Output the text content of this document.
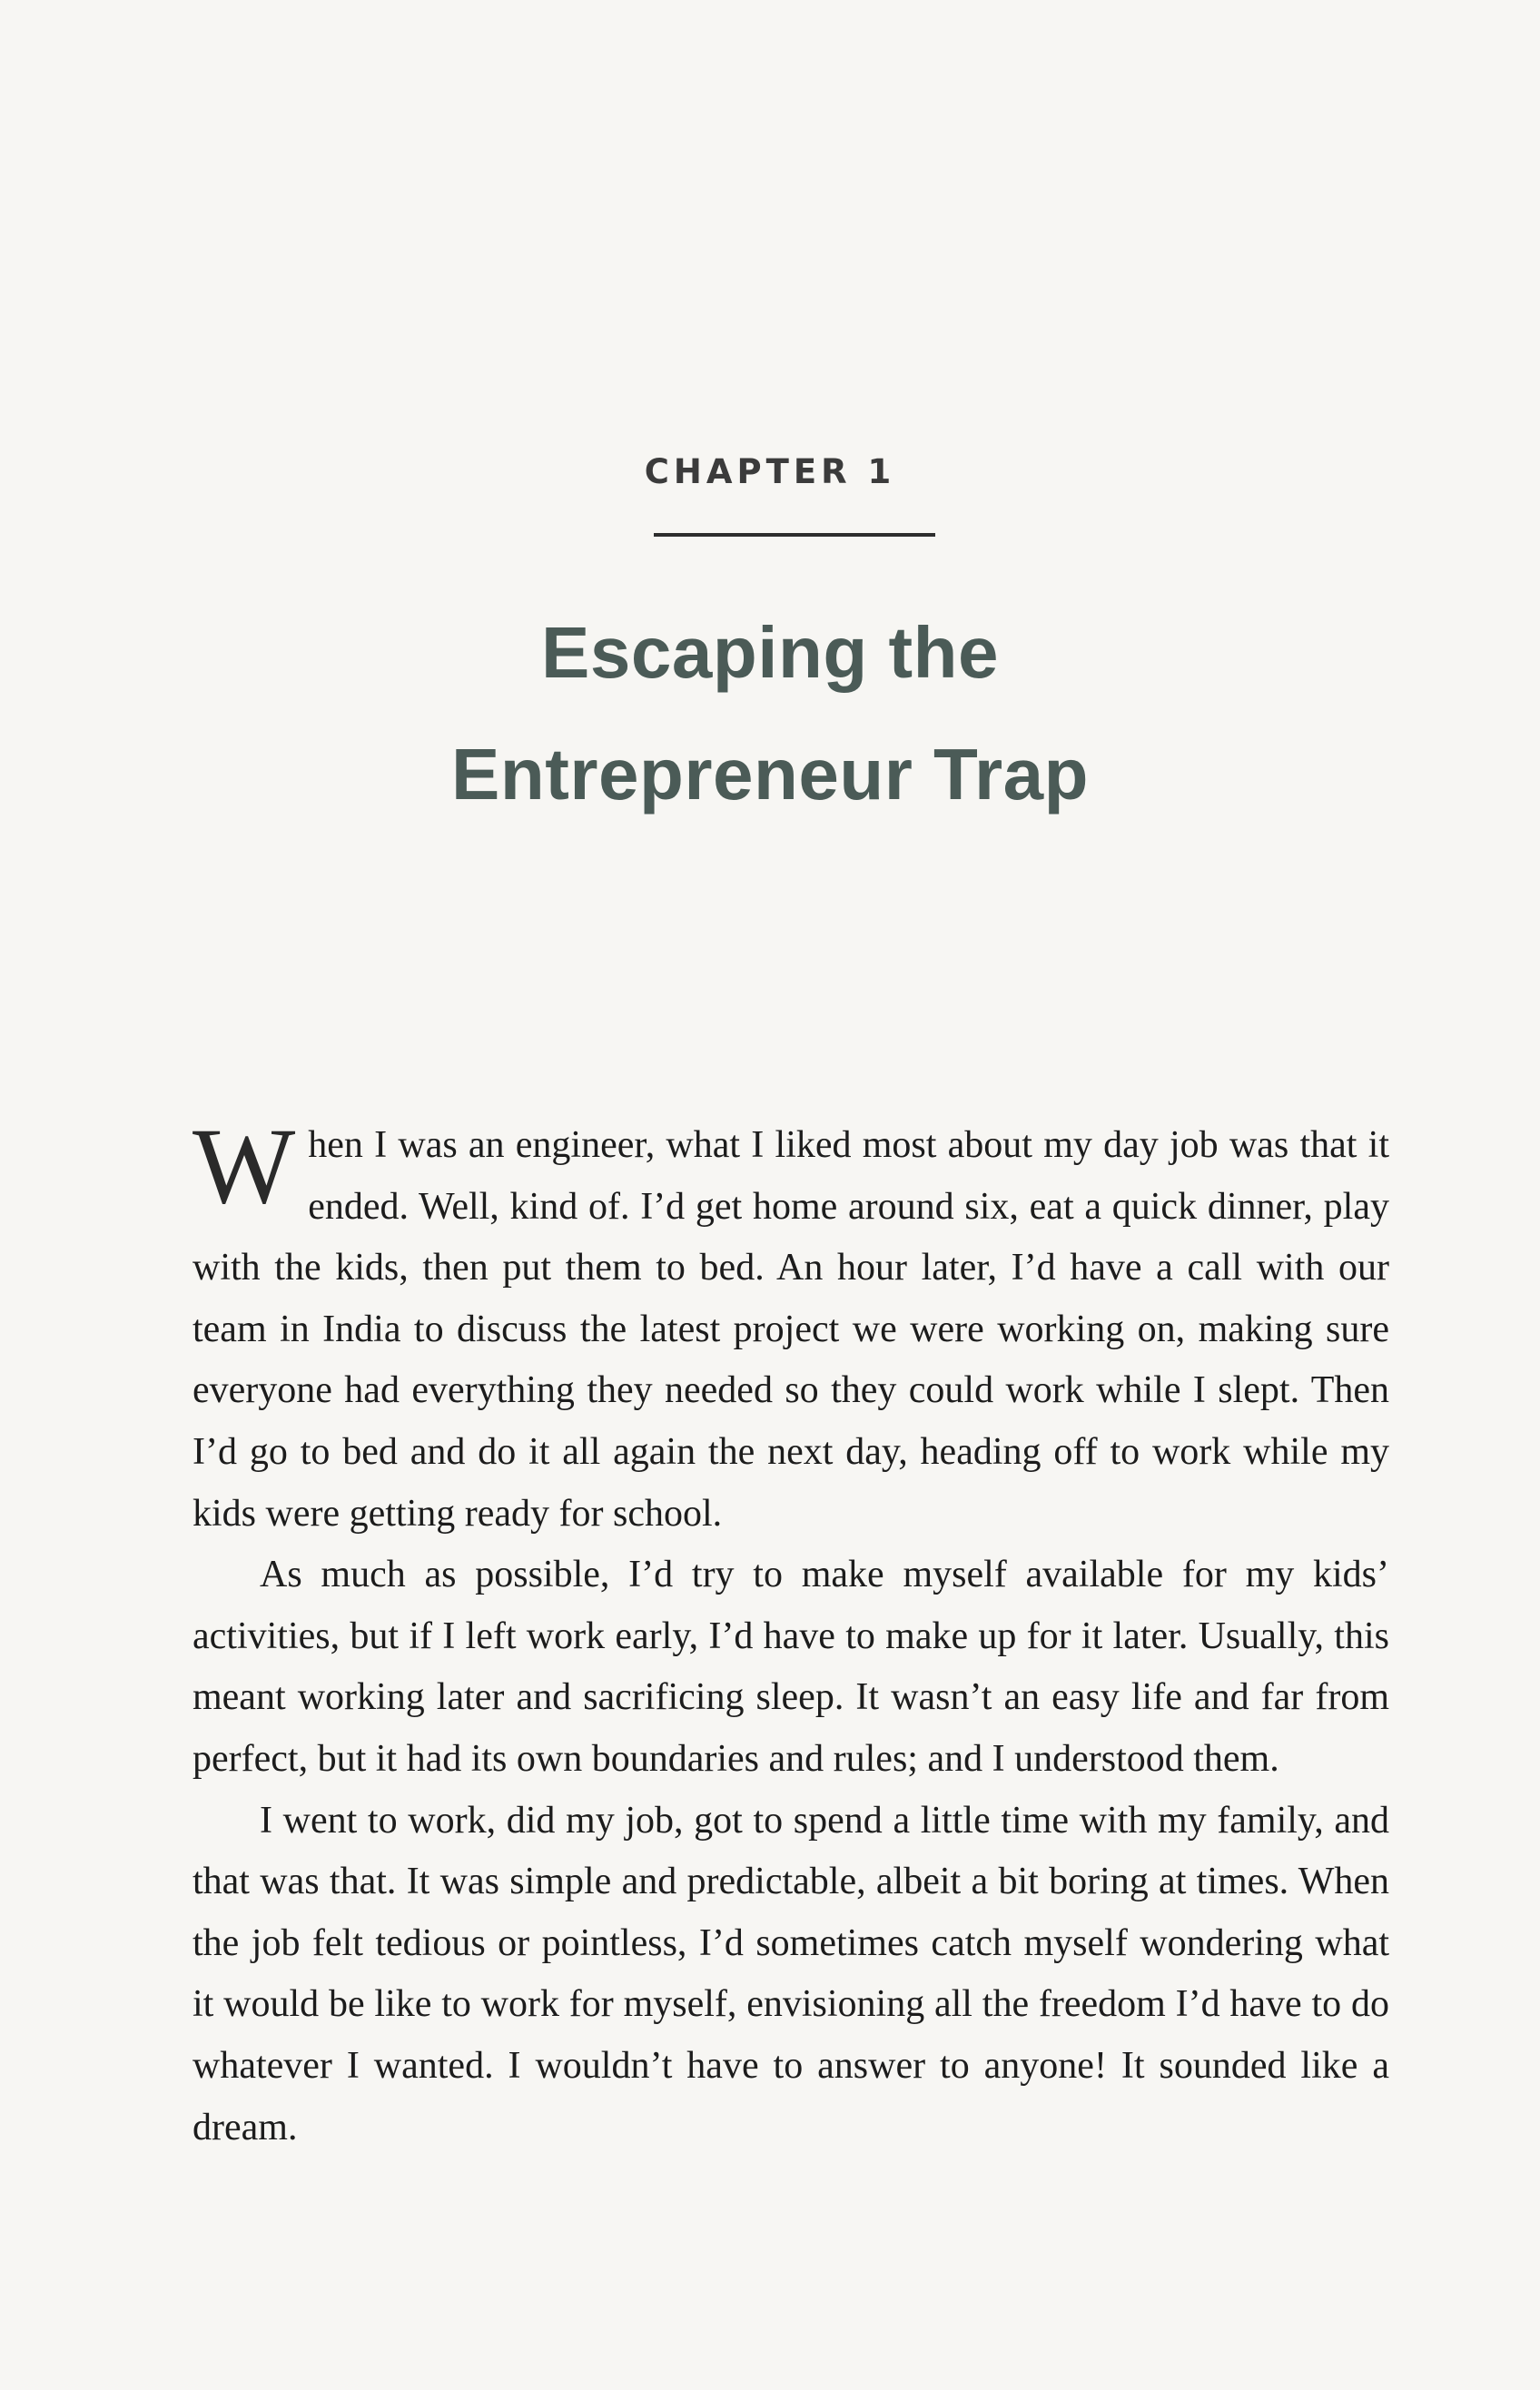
CHAPTER 1
Escaping the
Entrepreneur Trap

When I was an engineer, what I liked most about my day job was that it ended. Well, kind of. I’d get home around six, eat a quick dinner, play with the kids, then put them to bed. An hour later, I’d have a call with our team in India to discuss the latest project we were working on, making sure everyone had everything they needed so they could work while I slept. Then I’d go to bed and do it all again the next day, heading off to work while my kids were getting ready for school.

As much as possible, I’d try to make myself available for my kids’ activities, but if I left work early, I’d have to make up for it later. Usually, this meant working later and sacrificing sleep. It wasn’t an easy life and far from perfect, but it had its own boundaries and rules; and I understood them.

I went to work, did my job, got to spend a little time with my family, and that was that. It was simple and predictable, albeit a bit boring at times. When the job felt tedious or pointless, I’d sometimes catch myself wondering what it would be like to work for myself, envisioning all the freedom I’d have to do whatever I wanted. I wouldn’t have to answer to anyone! It sounded like a dream.
